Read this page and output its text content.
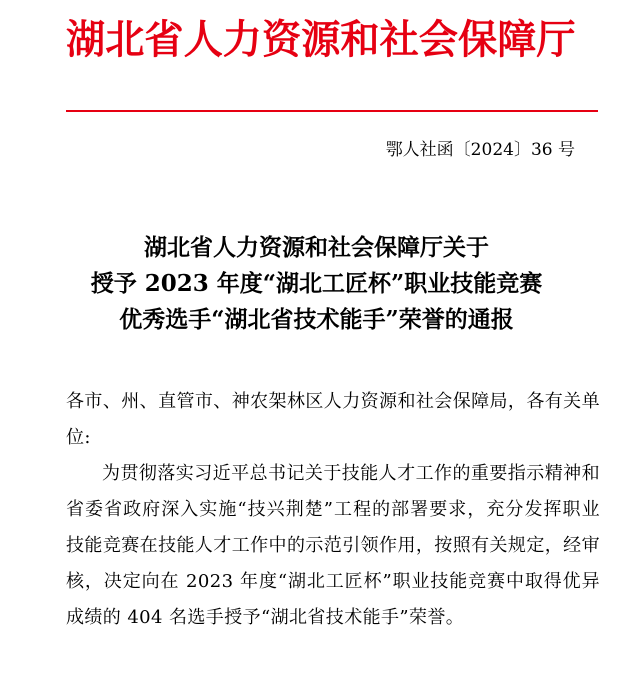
湖北省人力资源和社会保障厅
鄂人社函〔2024〕36 号
湖北省人力资源和社会保障厅关于
授予 2023 年度“湖北工匠杯”职业技能竞赛
优秀选手“湖北省技术能手”荣誉的通报

各市、州、直管市、神农架林区人力资源和社会保障局，各有关单位:

为贯彻落实习近平总书记关于技能人才工作的重要指示精神和省委省政府深入实施“技兴荆楚”工程的部署要求，充分发挥职业技能竞赛在技能人才工作中的示范引领作用，按照有关规定，经审核，决定向在 2023 年度“湖北工匠杯”职业技能竞赛中取得优异成绩的 404 名选手授予“湖北省技术能手”荣誉。
